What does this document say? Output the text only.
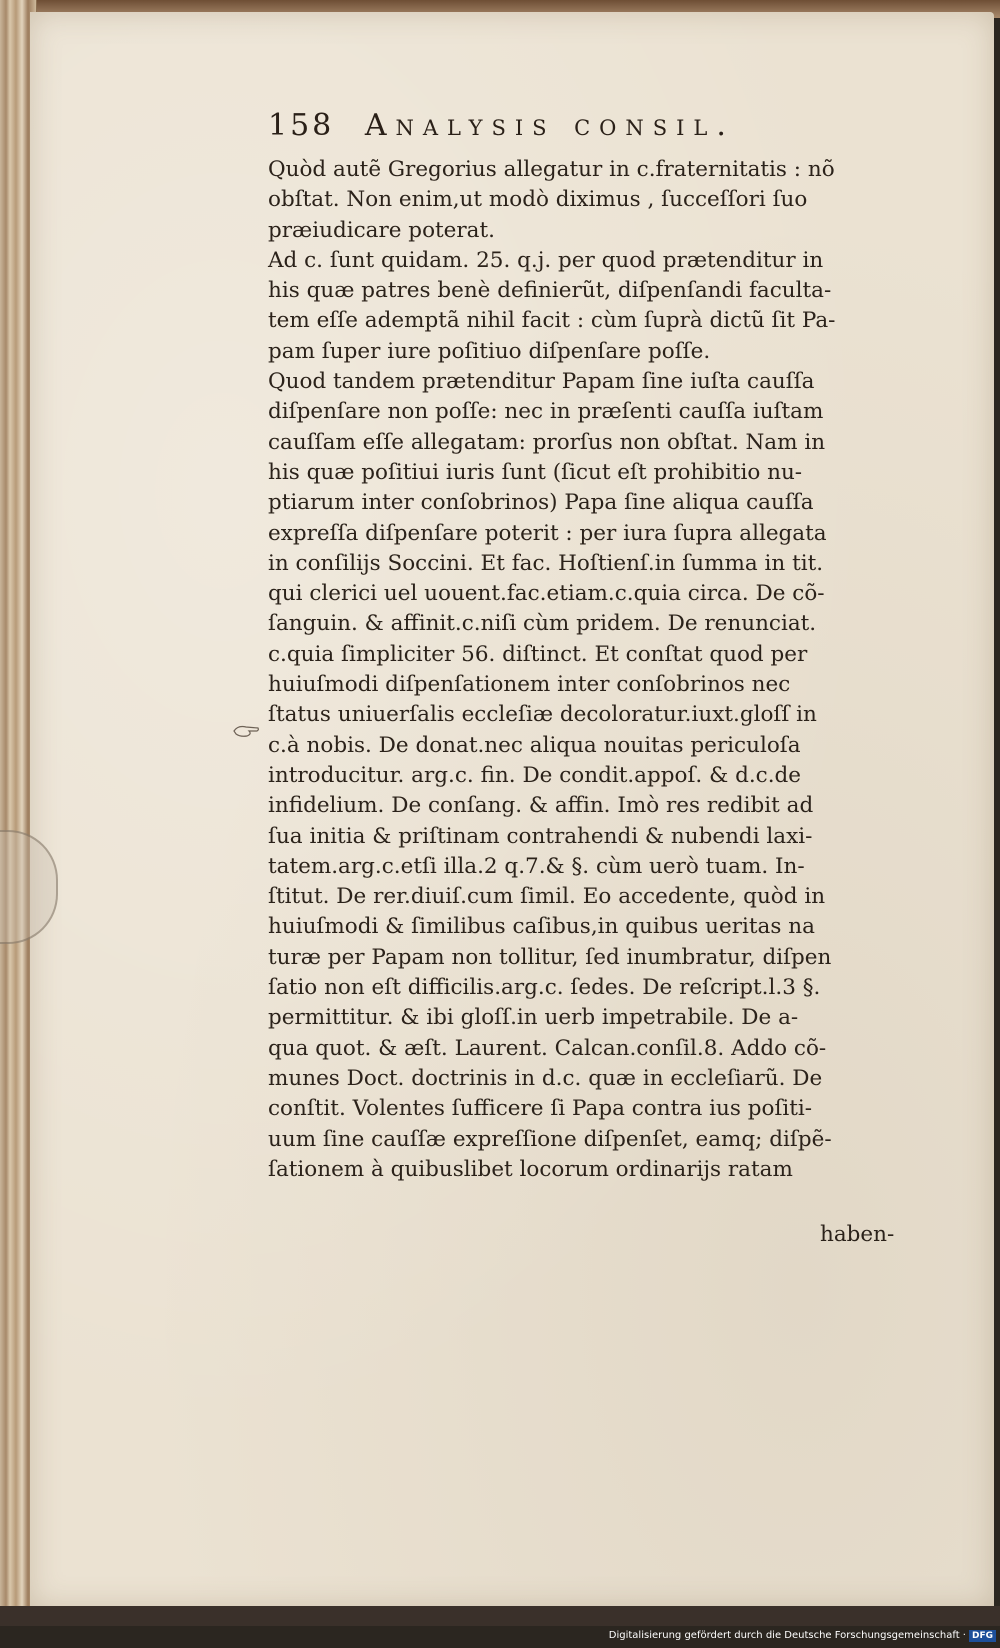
158 Analysis consil.
Quòd autẽ Gregorius allegatur in c.fraternitatis : nõ
obſtat. Non enim,ut modò diximus , ſucceſſori ſuo
præiudicare poterat.
Ad c. ſunt quidam. 25. q.j. per quod prætenditur in
his quæ patres benè definierũt, diſpenſandi faculta-
tem eſſe ademptã nihil facit : cùm ſuprà dictũ ſit Pa-
pam ſuper iure poſitiuo diſpenſare poſſe.
Quod tandem prætenditur Papam ſine iuſta cauſſa
diſpenſare non poſſe: nec in præſenti cauſſa iuſtam
cauſſam eſſe allegatam: prorſus non obſtat. Nam in
his quæ poſitiui iuris ſunt (ſicut eſt prohibitio nu-
ptiarum inter conſobrinos) Papa ſine aliqua cauſſa
expreſſa diſpenſare poterit : per iura ſupra allegata
in conſilijs Soccini. Et fac. Hoſtienſ.in ſumma in tit.
qui clerici uel uouent.fac.etiam.c.quia circa. De cõ-
ſanguin. & affinit.c.niſi cùm pridem. De renunciat.
c.quia ſimpliciter 56. diſtinct. Et conſtat quod per
huiuſmodi diſpenſationem inter conſobrinos nec
ſtatus uniuerſalis eccleſiæ decoloratur.iuxt.gloſſ in
c.à nobis. De donat.nec aliqua nouitas periculoſa
introducitur. arg.c. fin. De condit.appoſ. & d.c.de
infidelium. De conſang. & affin. Imò res redibit ad
ſua initia & priſtinam contrahendi & nubendi laxi-
tatem.arg.c.etſi illa.2 q.7.& §. cùm uerò tuam. In-
ſtitut. De rer.diuiſ.cum ſimil. Eo accedente, quòd in
huiuſmodi & ſimilibus caſibus,in quibus ueritas na
turæ per Papam non tollitur, ſed inumbratur, diſpen
ſatio non eſt difficilis.arg.c. ſedes. De reſcript.l.3 §.
permittitur. & ibi gloſſ.in uerb impetrabile. De a-
qua quot. & æſt. Laurent. Calcan.conſil.8. Addo cõ-
munes Doct. doctrinis in d.c. quæ in eccleſiarũ. De
conſtit. Volentes ſufficere ſi Papa contra ius poſiti-
uum ſine cauſſæ expreſſione diſpenſet, eamq; diſpẽ-
ſationem à quibuslibet locorum ordinarijs ratam
haben-
Digitalisierung gefördert durch die Deutsche Forschungsgemeinschaft · DFG
